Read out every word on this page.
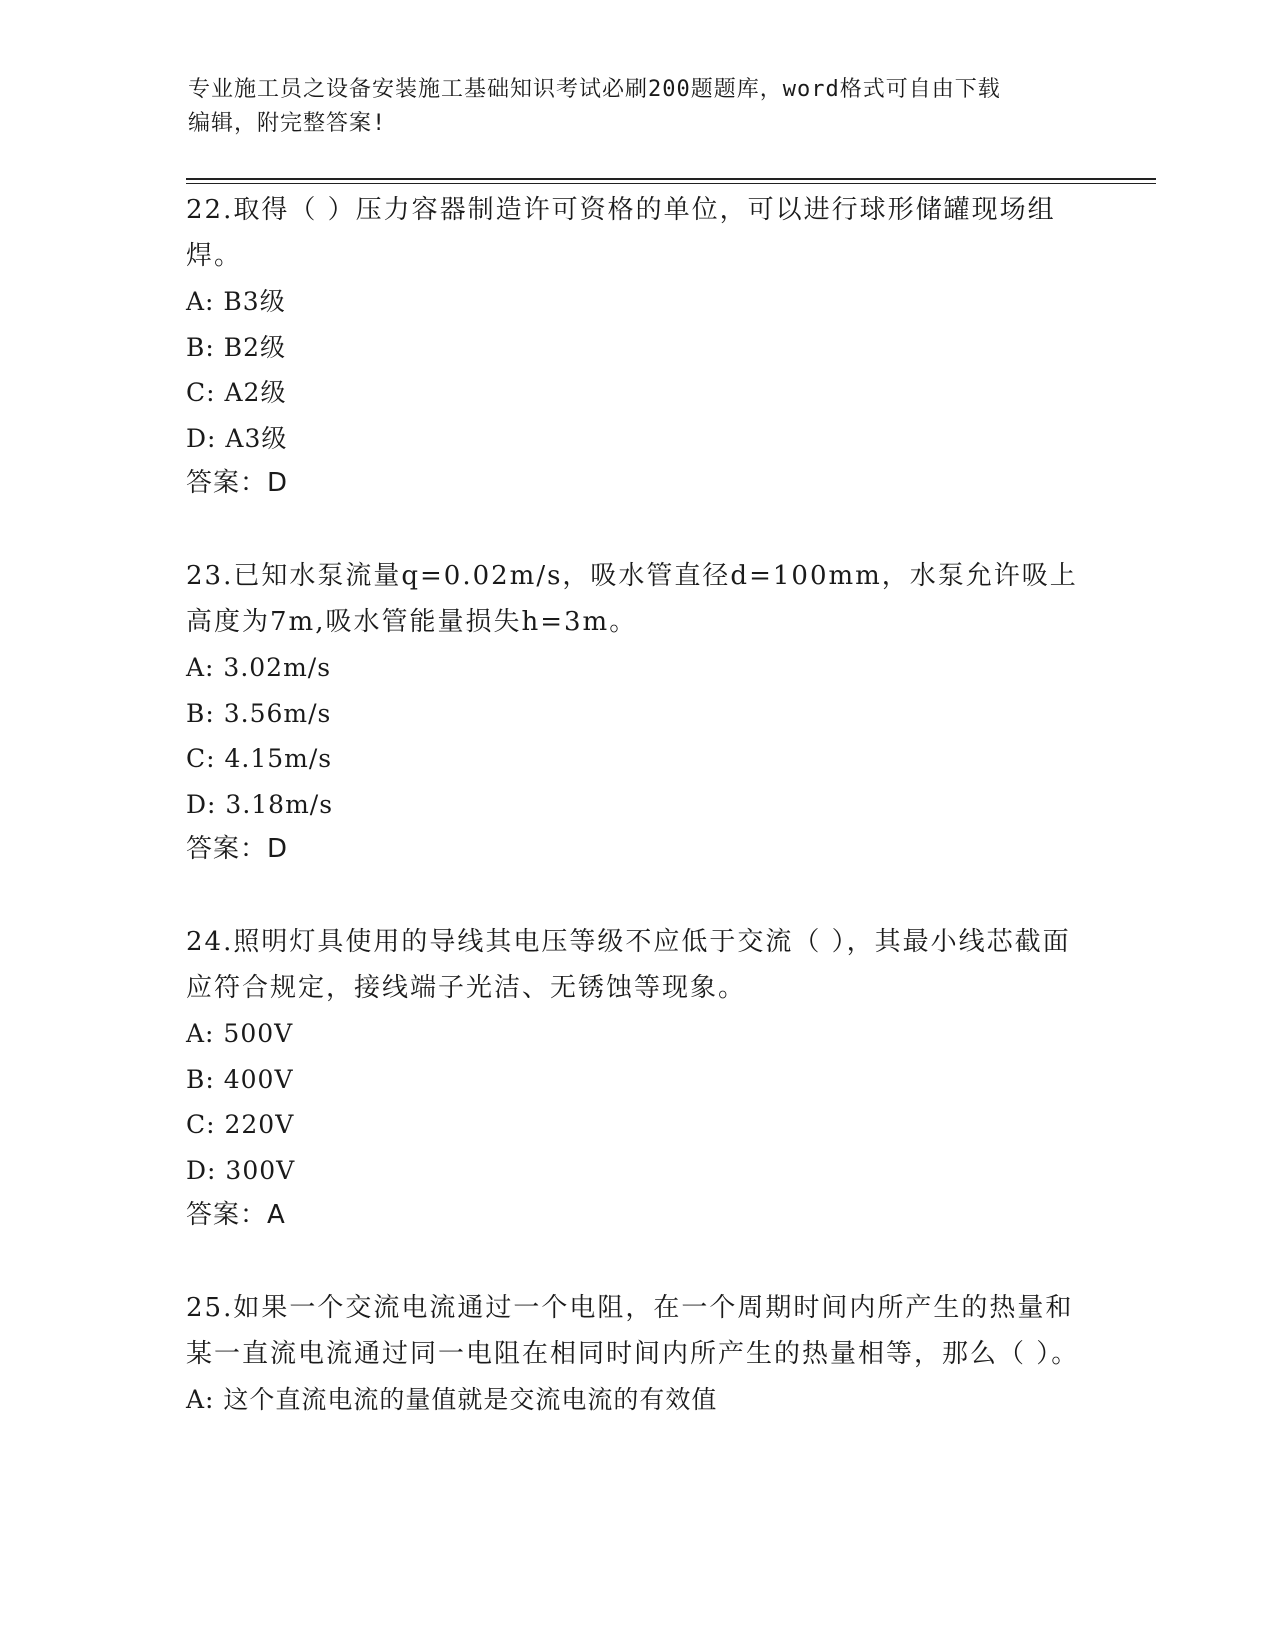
专业施工员之设备安装施工基础知识考试必刷200题题库，word格式可自由下载
编辑，附完整答案!

22.取得（ ）压力容器制造许可资格的单位，可以进行球形储罐现场组焊。

A: B3级

B: B2级

C: A2级

D: A3级

答案：D

23.已知水泵流量q=0.02m/s，吸水管直径d=100mm，水泵允许吸上高度为7m,吸水管能量损失h=3m。

A: 3.02m/s

B: 3.56m/s

C: 4.15m/s

D: 3.18m/s

答案：D

24.照明灯具使用的导线其电压等级不应低于交流（ ），其最小线芯截面应符合规定，接线端子光洁、无锈蚀等现象。

A: 500V

B: 400V

C: 220V

D: 300V

答案：A

25.如果一个交流电流通过一个电阻，在一个周期时间内所产生的热量和某一直流电流通过同一电阻在相同时间内所产生的热量相等，那么（ ）。

A: 这个直流电流的量值就是交流电流的有效值
